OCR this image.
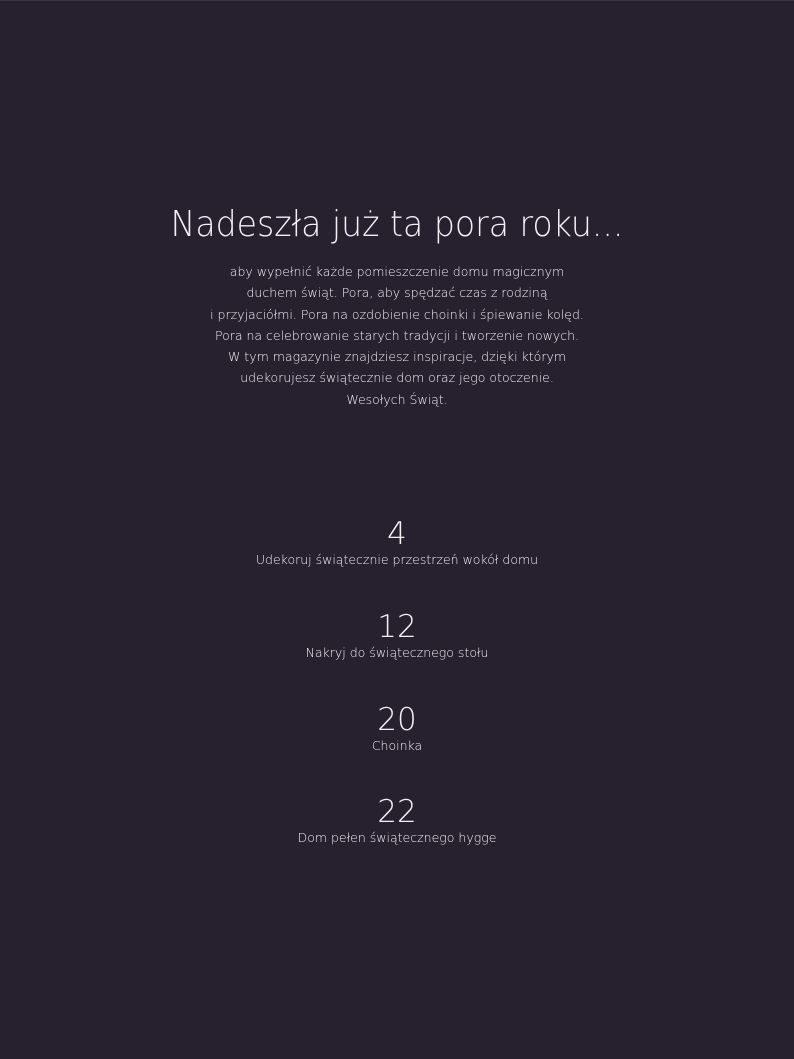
Nadeszła już ta pora roku...
aby wypełnić każde pomieszczenie domu magicznym
duchem świąt. Pora, aby spędzać czas z rodziną
i przyjaciółmi. Pora na ozdobienie choinki i śpiewanie kolęd.
Pora na celebrowanie starych tradycji i tworzenie nowych.
W tym magazynie znajdziesz inspiracje, dzięki którym
udekorujesz świątecznie dom oraz jego otoczenie.
Wesołych Świąt.
4
Udekoruj świątecznie przestrzeń wokół domu
12
Nakryj do świątecznego stołu
20
Choinka
22
Dom pełen świątecznego hygge
